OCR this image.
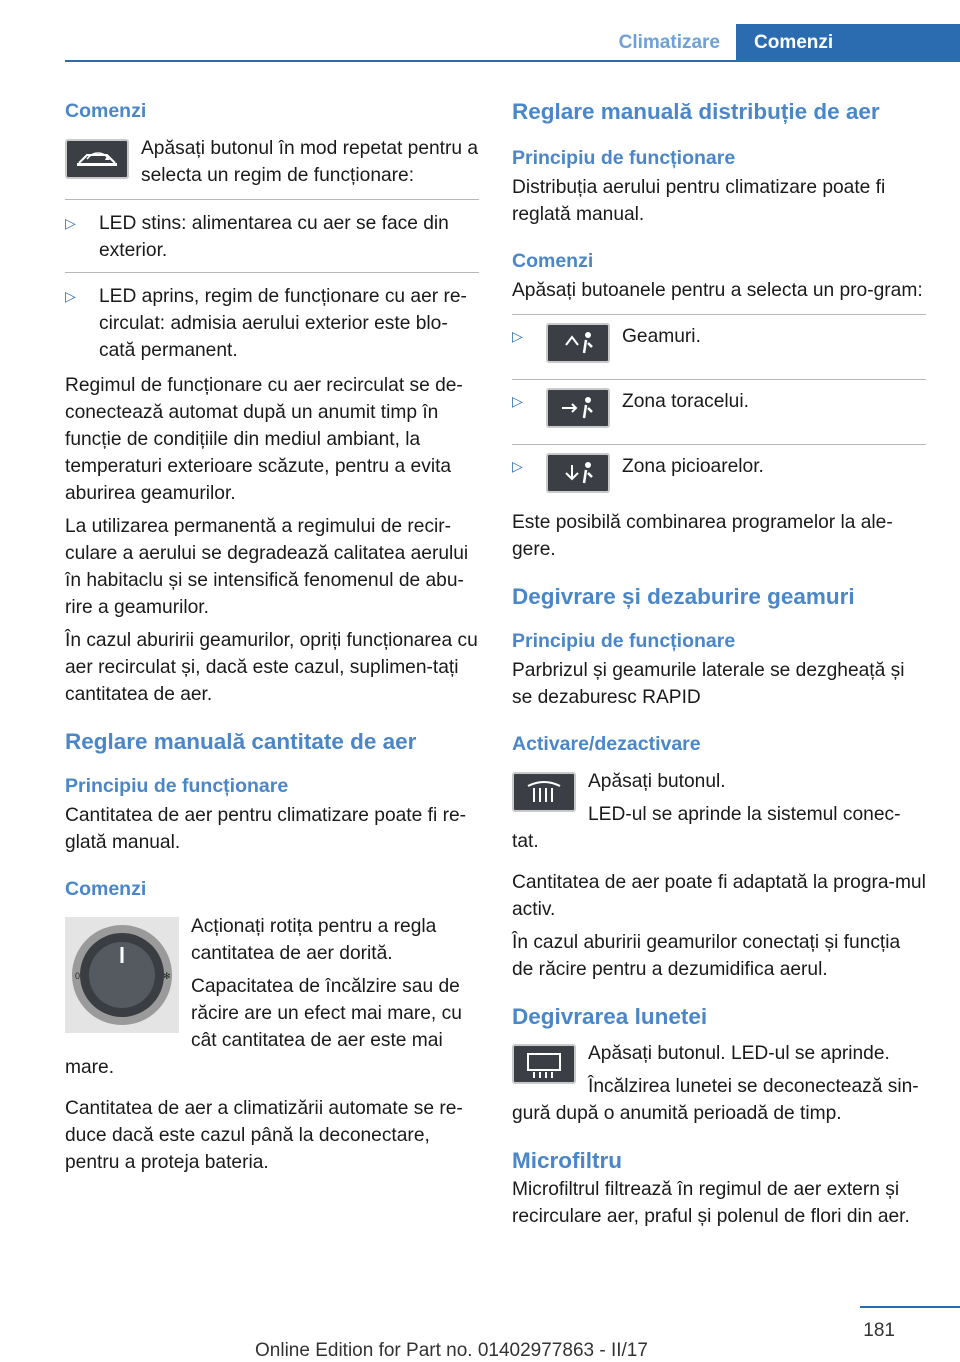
Climatizare	Comenzi
Comenzi

Apăsați butonul în mod repetat pentru a selecta un regim de funcționare:

▷ LED stins: alimentarea cu aer se face din exterior.
▷ LED aprins, regim de funcționare cu aer re-circulat: admisia aerului exterior este blo-cată permanent.

Regimul de funcționare cu aer recirculat se de-conectează automat după un anumit timp în funcție de condițiile din mediul ambiant, la temperaturi exterioare scăzute, pentru a evita aburirea geamurilor.

La utilizarea permanentă a regimului de recir-culare a aerului se degradează calitatea aerului în habitaclu și se intensifică fenomenul de abu-rire a geamurilor.

În cazul aburirii geamurilor, opriți funcționarea cu aer recirculat și, dacă este cazul, suplimen-tați cantitatea de aer.

Reglare manuală cantitate de aer
Principiu de funcționare

Cantitatea de aer pentru climatizare poate fi re-glată manual.

Comenzi
0	✻

Acționați rotița pentru a regla cantitatea de aer dorită.

Capacitatea de încălzire sau de răcire are un efect mai mare, cu cât cantitatea de aer este mai mare.

Cantitatea de aer a climatizării automate se re-duce dacă este cazul până la deconectare, pentru a proteja bateria.

Reglare manuală distribuție de aer
Principiu de funcționare

Distribuția aerului pentru climatizare poate fi reglată manual.

Comenzi

Apăsați butoanele pentru a selecta un pro-gram:

▷	Geamuri.
▷	Zona toracelui.
▷	Zona picioarelor.

Este posibilă combinarea programelor la ale-gere.

Degivrare și dezaburire geamuri
Principiu de funcționare

Parbrizul și geamurile laterale se dezgheață și se dezaburesc RAPID

Activare/dezactivare

Apăsați butonul.

LED-ul se aprinde la sistemul conec-tat.

Cantitatea de aer poate fi adaptată la progra-mul activ.

În cazul aburirii geamurilor conectați și funcția de răcire pentru a dezumidifica aerul.

Degivrarea lunetei

Apăsați butonul. LED-ul se aprinde.

Încălzirea lunetei se deconectează sin-gură după o anumită perioadă de timp.

Microfiltru

Microfiltrul filtrează în regimul de aer extern și recirculare aer, praful și polenul de flori din aer.

181
Online Edition for Part no. 01402977863 - II/17
